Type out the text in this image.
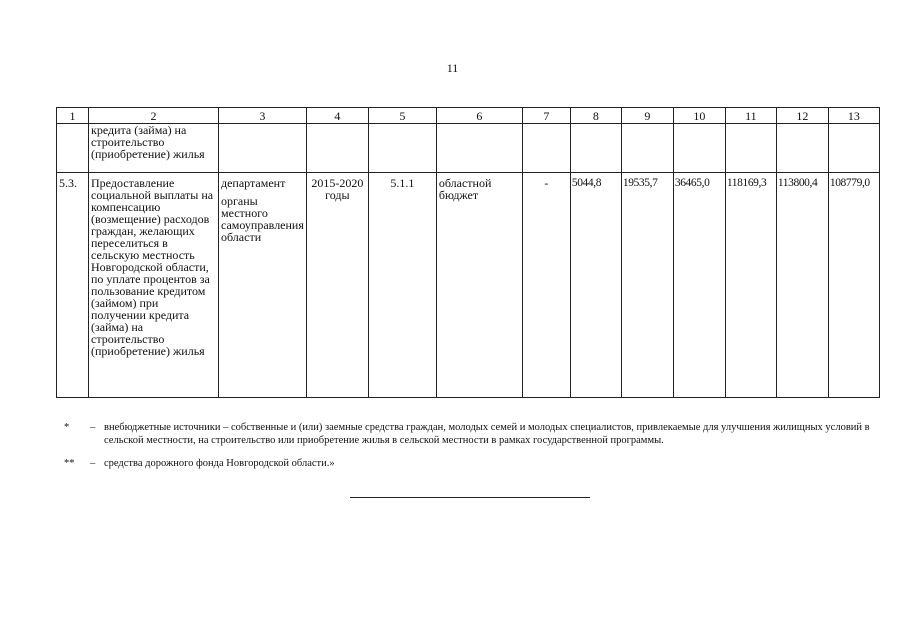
11
1	2	3	4	5	6	7	8	9	10	11	12	13
	кредита (займа) на строительство (приобретение) жилья											
5.3.	Предоставление социальной выплаты на компенсацию (возмещение) расходов граждан, желающих переселиться в сельскую местность Новгородской области, по уплате процентов за пользование кредитом (займом) при получении кредита (займа) на строительство (приобретение) жилья	департамент
органы местного самоуправления области	2015-2020 годы	5.1.1	областной бюджет	-	5044,8	19535,7	36465,0	118169,3	113800,4	108779,0
*	– внебюджетные источники – собственные и (или) заемные средства граждан, молодых семей и молодых специалистов, привлекаемые для улучшения жилищных условий в сельской местности, на строительство или приобретение жилья в сельской местности в рамках государственной программы.
**	– средства дорожного фонда Новгородской области.»
